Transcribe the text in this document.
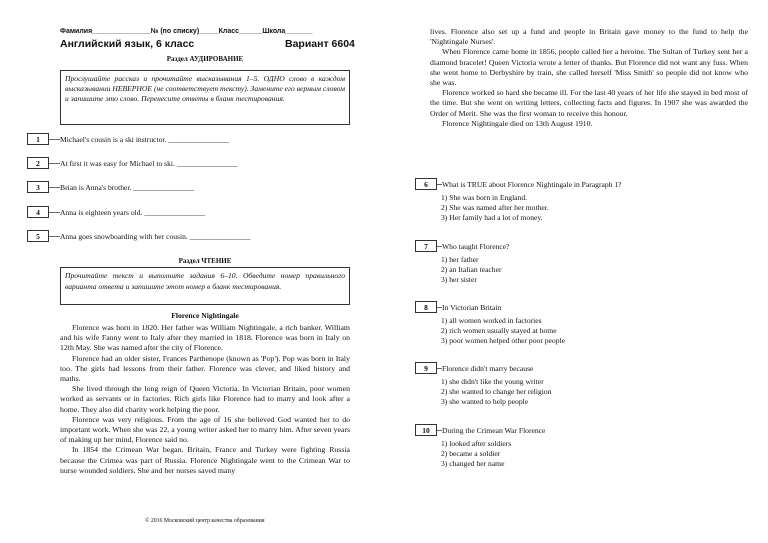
Фамилия_______________№ (по списку)_____Класс______Школа_______
Английский язык, 6 класс	Вариант 6604
Раздел АУДИРОВАНИЕ
Прослушайте рассказ и прочитайте высказывания 1–5. ОДНО слово в каждом высказывании НЕВЕРНОЕ (не соответствует тексту). Замените его верным словом и запишите это слово. Перенесите ответы в бланк тестирования.
1	Michael's cousin is a ski instructor. ________________
2	At first it was easy for Michael to ski. ________________
3	Brian is Anna's brother. ________________
4	Anna is eighteen years old. ________________
5	Anna goes snowboarding with her cousin. ________________
Раздел ЧТЕНИЕ
Прочитайте текст и выполните задания 6–10. Обведите номер правильного варианта ответа и запишите этот номер в бланк тестирования.
Florence Nightingale

Florence was born in 1820. Her father was William Nightingale, a rich banker. William and his wife Fanny went to Italy after they married in 1818. Florence was born in Italy on 12th May. She was named after the city of Florence.

Florence had an older sister, Frances Parthenope (known as 'Pop'). Pop was born in Italy too. The girls had lessons from their father. Florence was clever, and liked history and maths.

She lived through the long reign of Queen Victoria. In Victorian Britain, poor women worked as servants or in factories. Rich girls like Florence had to marry and look after a home. They also did charity work helping the poor.

Florence was very religious. From the age of 16 she believed God wanted her to do important work. When she was 22, a young writer asked her to marry him. After seven years of making up her mind, Florence said no.

In 1854 the Crimean War began. Britain, France and Turkey were fighting Russia because the Crimea was part of Russia. Florence Nightingale went to the Crimean War to nurse wounded soldiers. She and her nurses saved many

lives. Florence also set up a fund and people in Britain gave money to the fund to help the 'Nightingale Nurses'.

When Florence came home in 1856, people called her a heroine. The Sultan of Turkey sent her a diamond bracelet! Queen Victoria wrote a letter of thanks. But Florence did not want any fuss. When she went home to Derbyshire by train, she called herself 'Miss Smith' so people did not know who she was.

Florence worked so hard she became ill. For the last 40 years of her life she stayed in bed most of the time. But she went on writing letters, collecting facts and figures. In 1907 she was awarded the Order of Merit. She was the first woman to receive this honour.

Florence Nightingale died on 13th August 1910.

6	What is TRUE about Florence Nightingale in Paragraph 1?

1) She was born in England.

2) She was named after her mother.

3) Her family had a lot of money.

7	Who taught Florence?

1) her father

2) an Italian teacher

3) her sister

8	In Victorian Britain

1) all women worked in factories

2) rich women usually stayed at home

3) poor women helped other poor people

9	Florence didn't marry because

1) she didn't like the young writer

2) she wanted to change her religion

3) she wanted to help people

10	During the Crimean War Florence

1) looked after soldiers

2) became a soldier

3) changed her name

© 2016 Московский центр качества образования
